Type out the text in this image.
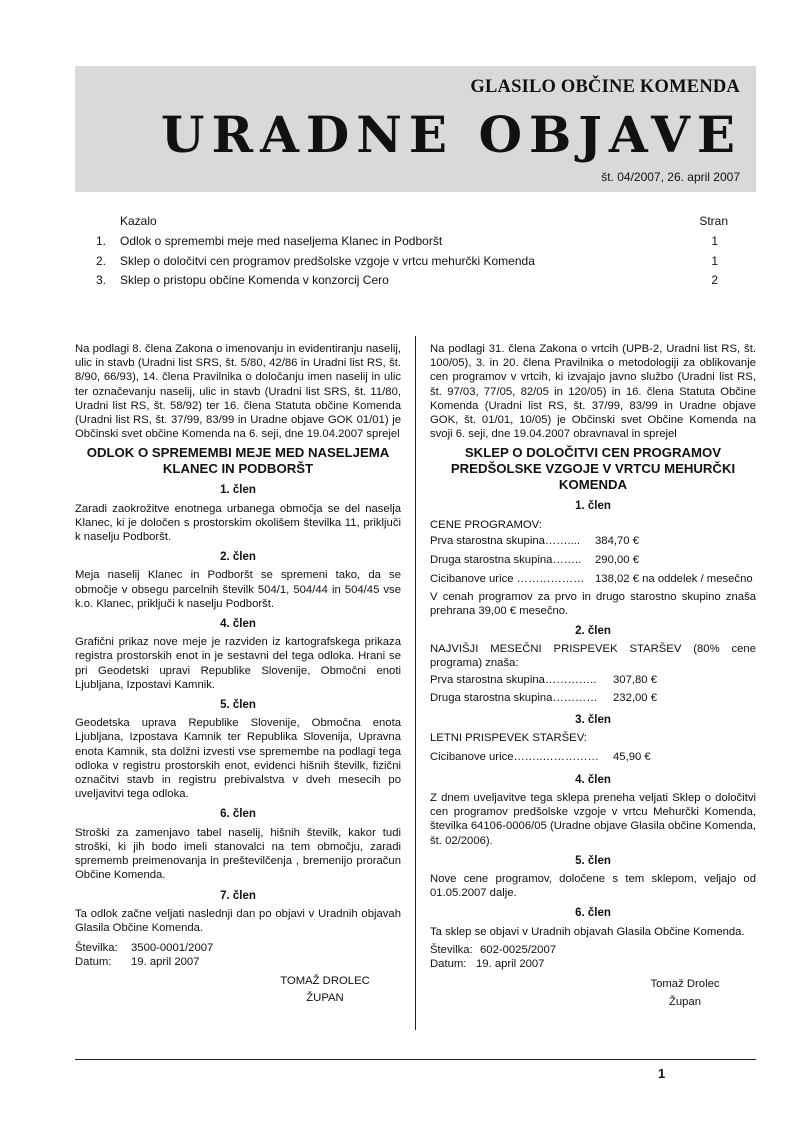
GLASILO OBČINE KOMENDA
URADNE OBJAVE
št. 04/2007, 26. april 2007
Kazalo	Stran
1.	Odlok o spremembi meje med naseljema Klanec in Podboršt	1
2.	Sklep o določitvi cen programov predšolske vzgoje v vrtcu mehurčki Komenda	1
3.	Sklep o pristopu občine Komenda v konzorcij Cero	2

Na podlagi 8. člena Zakona o imenovanju in evidentiranju naselij, ulic in stavb (Uradni list SRS, št. 5/80, 42/86 in Uradni list RS, št. 8/90, 66/93), 14. člena Pravilnika o določanju imen naselij in ulic ter označevanju naselij, ulic in stavb (Uradni list SRS, št. 11/80, Uradni list RS, št. 58/92) ter 16. člena Statuta občine Komenda (Uradni list RS, št. 37/99, 83/99 in Uradne objave GOK 01/01) je Občinski svet občine Komenda na 6. seji, dne 19.04.2007 sprejel

ODLOK O SPREMEMBI MEJE MED NASELJEMA KLANEC IN PODBORŠT
1. člen

Zaradi zaokrožitve enotnega urbanega območja se del naselja Klanec, ki je določen s prostorskim okolišem številka 11, priključi k naselju Podboršt.

2. člen

Meja naselij Klanec in Podboršt se spremeni tako, da se območje v obsegu parcelnih številk 504/1, 504/44 in 504/45 vse k.o. Klanec, priključi k naselju Podboršt.

4. člen

Grafični prikaz nove meje je razviden iz kartografskega prikaza registra prostorskih enot in je sestavni del tega odloka. Hrani se pri Geodetski upravi Republike Slovenije, Območni enoti Ljubljana, Izpostavi Kamnik.

5. člen

Geodetska uprava Republike Slovenije, Območna enota Ljubljana, Izpostava Kamnik ter Republika Slovenija, Upravna enota Kamnik, sta dolžni izvesti vse spremembe na podlagi tega odloka v registru prostorskih enot, evidenci hišnih številk, fizični označitvi stavb in registru prebivalstva v dveh mesecih po uveljavitvi tega odloka.

6. člen

Stroški za zamenjavo tabel naselij, hišnih številk, kakor tudi stroški, ki jih bodo imeli stanovalci na tem območju, zaradi sprememb preimenovanja in preštevilčenja , bremenijo proračun Občine Komenda.

7. člen

Ta odlok začne veljati naslednji dan po objavi v Uradnih objavah Glasila Občine Komenda.

Številka: 3500-0001/2007
Datum: 19. april 2007
TOMAŽ DROLEC
ŽUPAN

Na podlagi 31. člena Zakona o vrtcih (UPB-2, Uradni list RS, št. 100/05), 3. in 20. člena Pravilnika o metodologiji za oblikovanje cen programov v vrtcih, ki izvajajo javno službo (Uradni list RS, št. 97/03, 77/05, 82/05 in 120/05) in 16. člena Statuta Občine Komenda (Uradni list RS, št. 37/99, 83/99 in Uradne objave GOK, št. 01/01, 10/05) je Občinski svet Občine Komenda na svoji 6. seji, dne 19.04.2007 obravnaval in sprejel

SKLEP O DOLOČITVI CEN PROGRAMOV PREDŠOLSKE VZGOJE V VRTCU MEHURČKI KOMENDA
1. člen
CENE PROGRAMOV:
Prva starostna skupina…….... 384,70 €
Druga starostna skupina…….. 290,00 €
Cicibanove urice ……………… 138,02 € na oddelek / mesečno

V cenah programov za prvo in drugo starostno skupino znaša prehrana 39,00 € mesečno.

2. člen

NAJVIŠJI MESEČNI PRISPEVEK STARŠEV (80% cene programa) znaša:

Prva starostna skupina………….. 307,80 €
Druga starostna skupina………… 232,00 €
3. člen
LETNI PRISPEVEK STARŠEV:
Cicibanove urice……..…………… 45,90 €
4. člen

Z dnem uveljavitve tega sklepa preneha veljati Sklep o določitvi cen programov predšolske vzgoje v vrtcu Mehurčki Komenda, številka 64106-0006/05 (Uradne objave Glasila občine Komenda, št. 02/2006).

5. člen

Nove cene programov, določene s tem sklepom, veljajo od 01.05.2007 dalje.

6. člen

Ta sklep se objavi v Uradnih objavah Glasila Občine Komenda.

Številka: 602-0025/2007
Datum: 19. april 2007
Tomaž Drolec
Župan
1
